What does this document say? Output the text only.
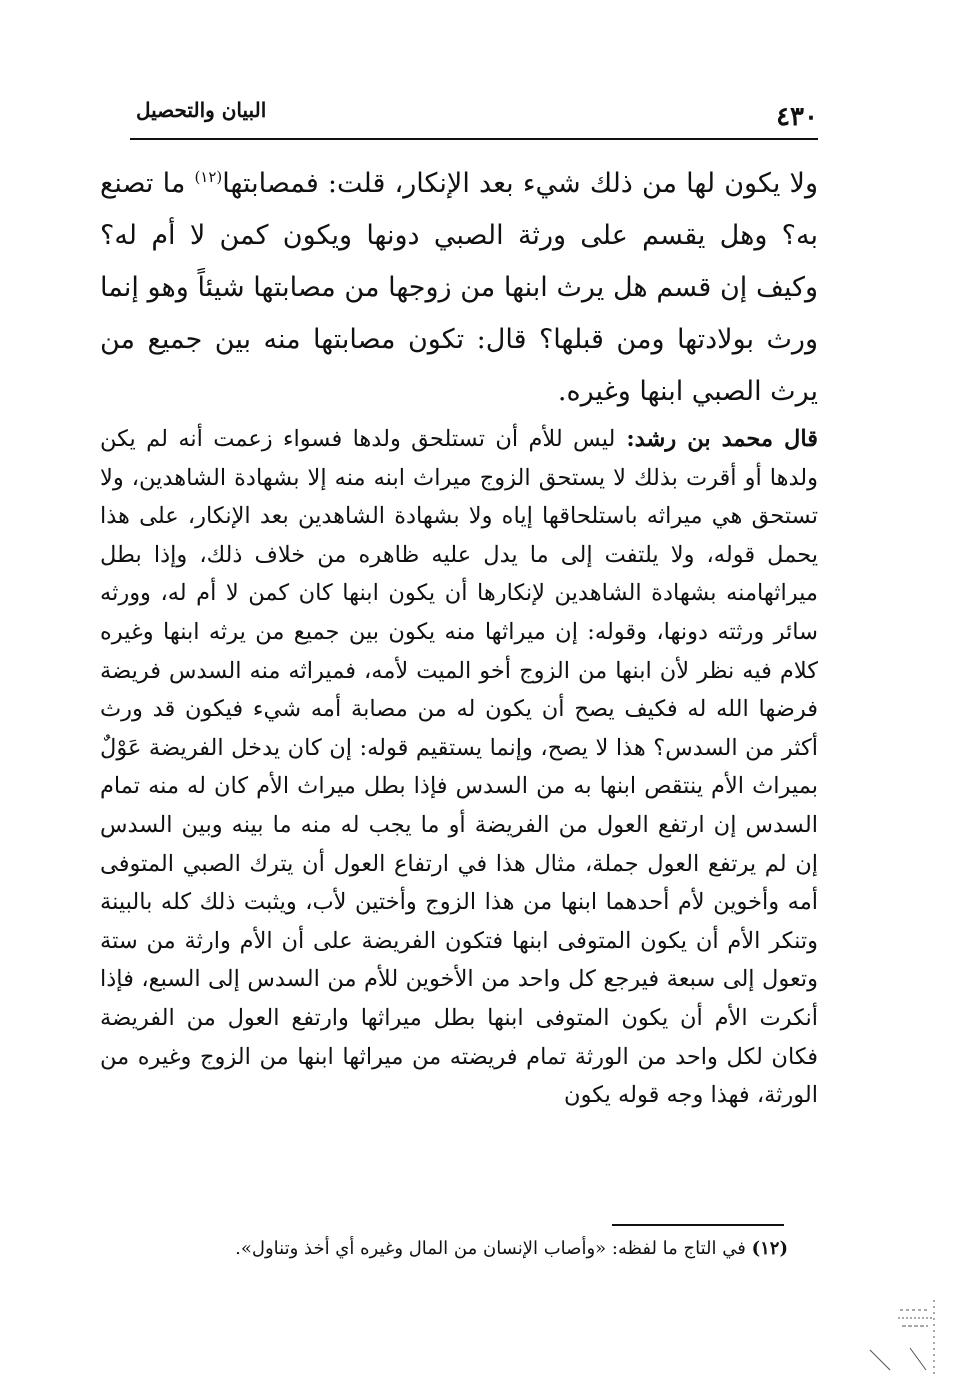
البيان والتحصيل	٤٣٠
ولا يكون لها من ذلك شيء بعد الإنكار، قلت: فمصابتها$^{(١٢)}$ ما تصنع به؟ وهل يقسم على ورثة الصبي دونها ويكون كمن لا أم له؟ وكيف إن قسم هل يرث ابنها من زوجها من مصابتها شيئاً وهو إنما ورث بولادتها ومن قبلها؟ قال: تكون مصابتها منه بين جميع من يرث الصبي ابنها وغيره.
قال محمد بن رشد: ليس للأم أن تستلحق ولدها فسواء زعمت أنه لم يكن ولدها أو أقرت بذلك لا يستحق الزوج ميراث ابنه منه إلا بشهادة الشاهدين، ولا تستحق هي ميراثه باستلحاقها إياه ولا بشهادة الشاهدين بعد الإنكار، على هذا يحمل قوله، ولا يلتفت إلى ما يدل عليه ظاهره من خلاف ذلك، وإذا بطل ميراثهامنه بشهادة الشاهدين لإنكارها أن يكون ابنها كان كمن لا أم له، وورثه سائر ورثته دونها، وقوله: إن ميراثها منه يكون بين جميع من يرثه ابنها وغيره كلام فيه نظر لأن ابنها من الزوج أخو الميت لأمه، فميراثه منه السدس فريضة فرضها الله له فكيف يصح أن يكون له من مصابة أمه شيء فيكون قد ورث أكثر من السدس؟ هذا لا يصح، وإنما يستقيم قوله: إن كان يدخل الفريضة عَوْلٌ بميراث الأم ينتقص ابنها به من السدس فإذا بطل ميراث الأم كان له منه تمام السدس إن ارتفع العول من الفريضة أو ما يجب له منه ما بينه وبين السدس إن لم يرتفع العول جملة، مثال هذا في ارتفاع العول أن يترك الصبي المتوفى أمه وأخوين لأم أحدهما ابنها من هذا الزوج وأختين لأب، ويثبت ذلك كله بالبينة وتنكر الأم أن يكون المتوفى ابنها فتكون الفريضة على أن الأم وارثة من ستة وتعول إلى سبعة فيرجع كل واحد من الأخوين للأم من السدس إلى السبع، فإذا أنكرت الأم أن يكون المتوفى ابنها بطل ميراثها وارتفع العول من الفريضة فكان لكل واحد من الورثة تمام فريضته من ميراثها ابنها من الزوج وغيره من الورثة، فهذا وجه قوله يكون
(١٢) في التاج ما لفظه: «وأصاب الإنسان من المال وغيره أي أخذ وتناول».
